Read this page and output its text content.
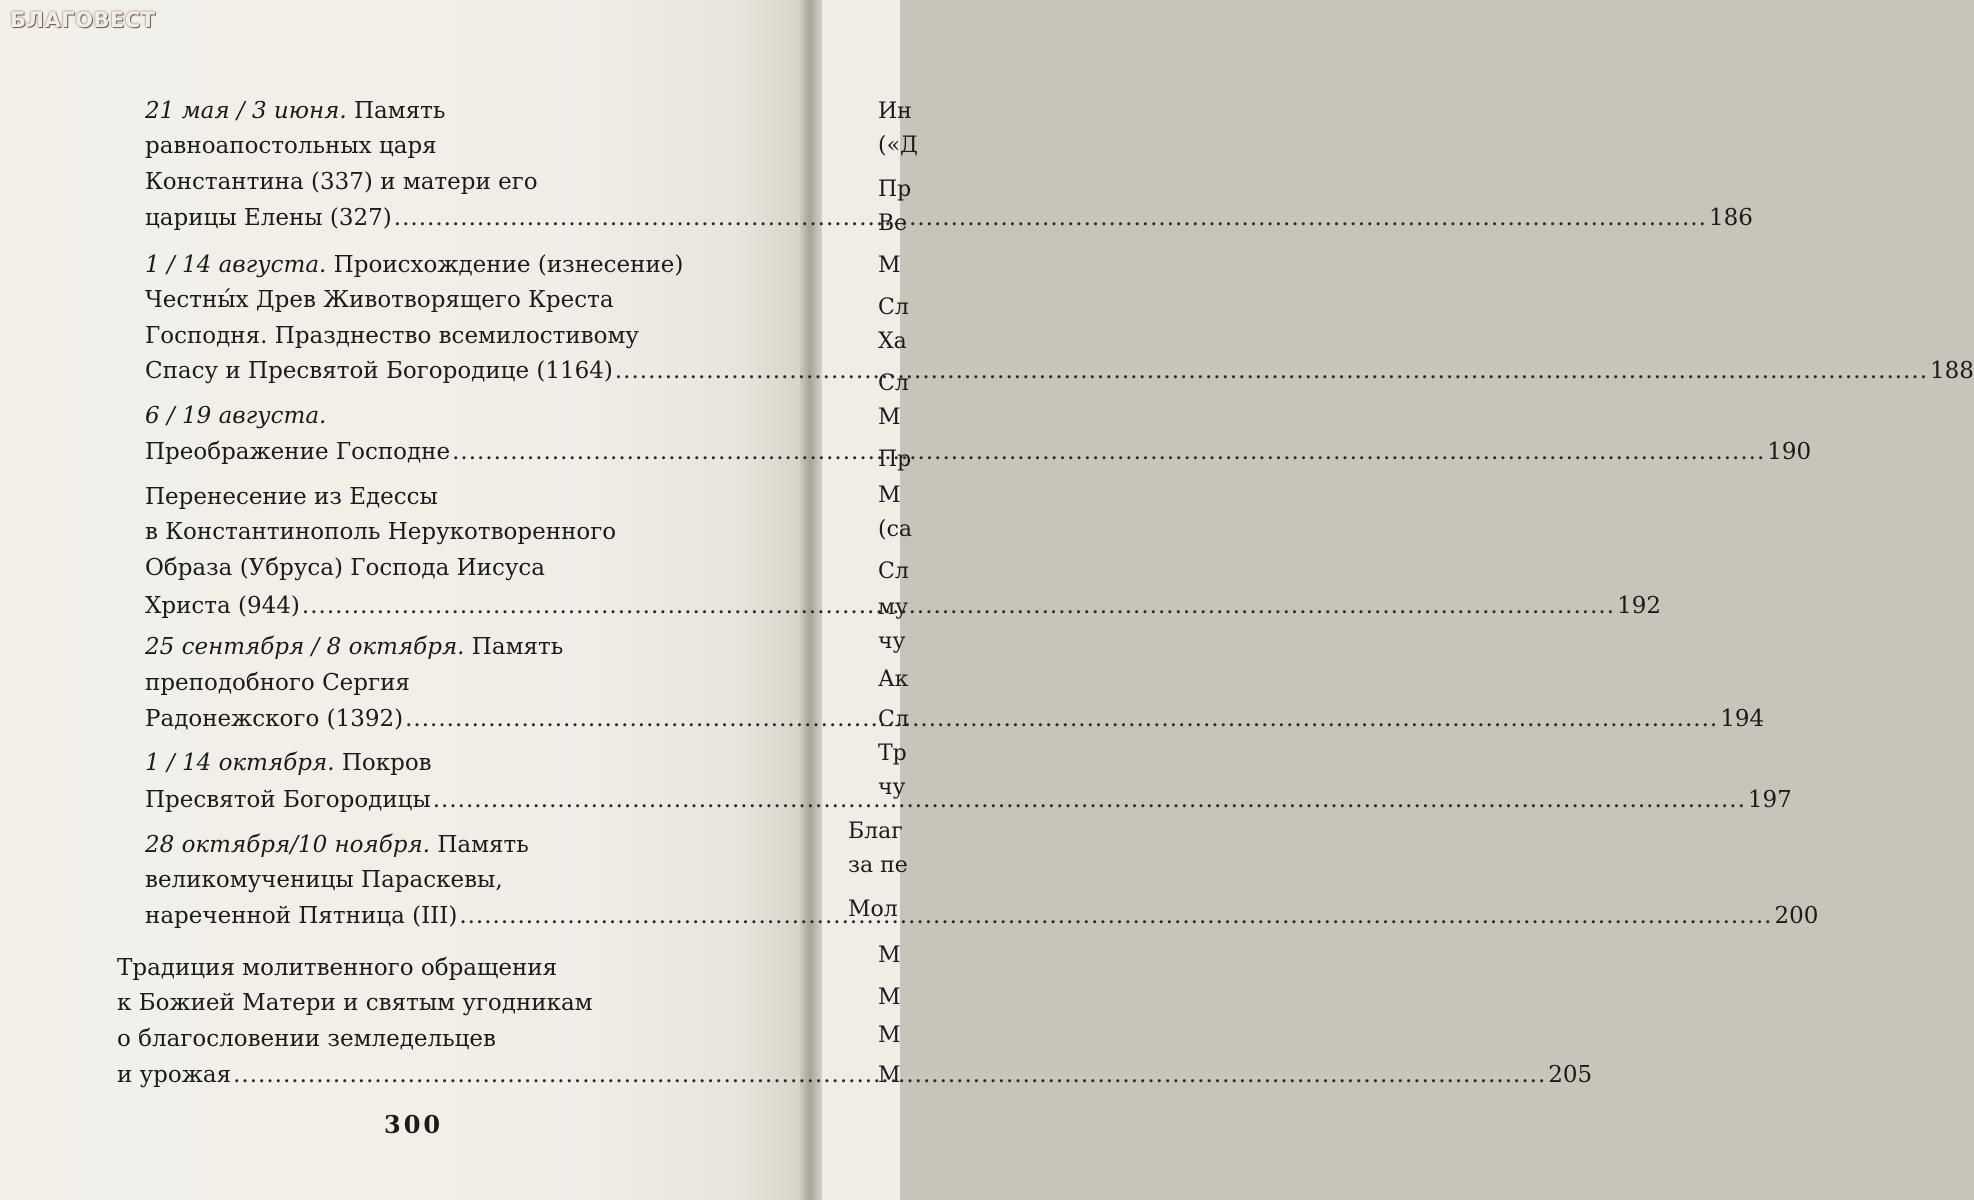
Ин
(«Д
Пр
Ве
М
Сл
Ха
Сл
М
Пр
М
(са
Сл
му
чу
Ак
Сл
Тр
чу
Благ
за пе
Мол
М
М
М
М
БЛАГОВЕСТ
21 мая / 3 июня. Память
равноапостольных царя
Константина (337) и матери его
царицы Елены (327) .....	186
1 / 14 августа. Происхождение (изнесение)
Честны́х Древ Животворящего Креста
Господня. Празднество всемилостивому
Спасу и Пресвятой Богородице (1164) .....	188
6 / 19 августа.
Преображение Господне .....	190
Перенесение из Едессы
в Константинополь Нерукотворенного
Образа (Убруса) Господа Иисуса
Христа (944) .....	192
25 сентября / 8 октября. Память
преподобного Сергия
Радонежского (1392) .....	194
1 / 14 октября. Покров
Пресвятой Богородицы .....	197
28 октября/10 ноября. Память
великомученицы Параскевы,
нареченной Пятница (III) .....	200
Традиция молитвенного обращения
к Божией Матери и святым угодникам
о благословении земледельцев
и урожая .....	205
300
